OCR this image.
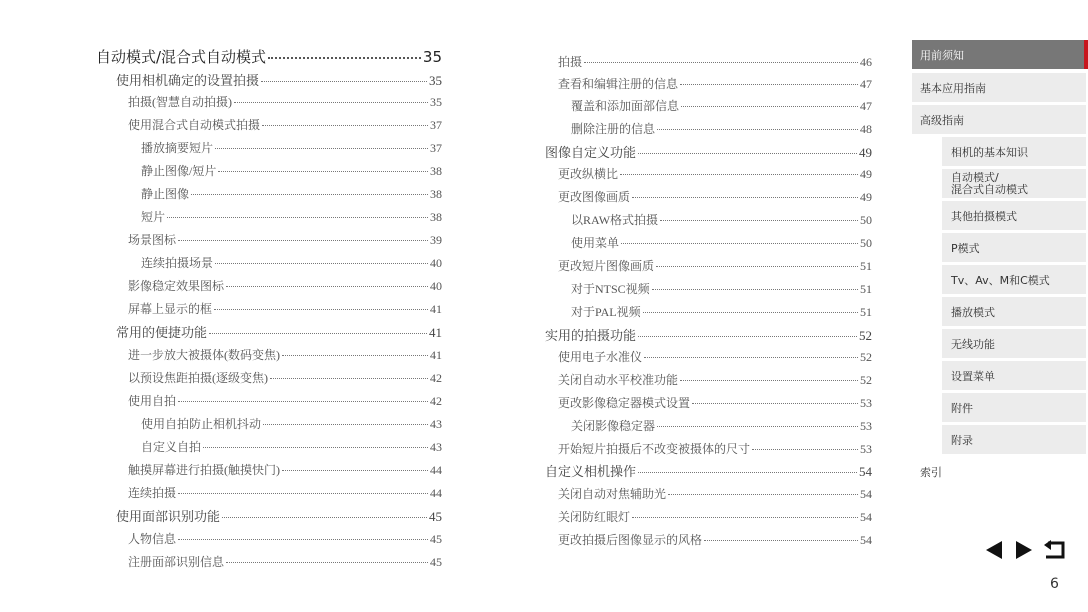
自动模式/混合式自动模式	35
使用相机确定的设置拍摄	35
拍摄(智慧自动拍摄)	35
使用混合式自动模式拍摄	37
播放摘要短片	37
静止图像/短片	38
静止图像	38
短片	38
场景图标	39
连续拍摄场景	40
影像稳定效果图标	40
屏幕上显示的框	41
常用的便捷功能	41
进一步放大被摄体(数码变焦)	41
以预设焦距拍摄(逐级变焦)	42
使用自拍	42
使用自拍防止相机抖动	43
自定义自拍	43
触摸屏幕进行拍摄(触摸快门)	44
连续拍摄	44
使用面部识别功能	45
人物信息	45
注册面部识别信息	45
拍摄	46
查看和编辑注册的信息	47
覆盖和添加面部信息	47
删除注册的信息	48
图像自定义功能	49
更改纵横比	49
更改图像画质	49
以RAW格式拍摄	50
使用菜单	50
更改短片图像画质	51
对于NTSC视频	51
对于PAL视频	51
实用的拍摄功能	52
使用电子水准仪	52
关闭自动水平校准功能	52
更改影像稳定器模式设置	53
关闭影像稳定器	53
开始短片拍摄后不改变被摄体的尺寸	53
自定义相机操作	54
关闭自动对焦辅助光	54
关闭防红眼灯	54
更改拍摄后图像显示的风格	54
用前须知
基本应用指南
高级指南
相机的基本知识
自动模式/
混合式自动模式
其他拍摄模式
P模式
Tv、Av、M和C模式
播放模式
无线功能
设置菜单
附件
附录
索引
6
